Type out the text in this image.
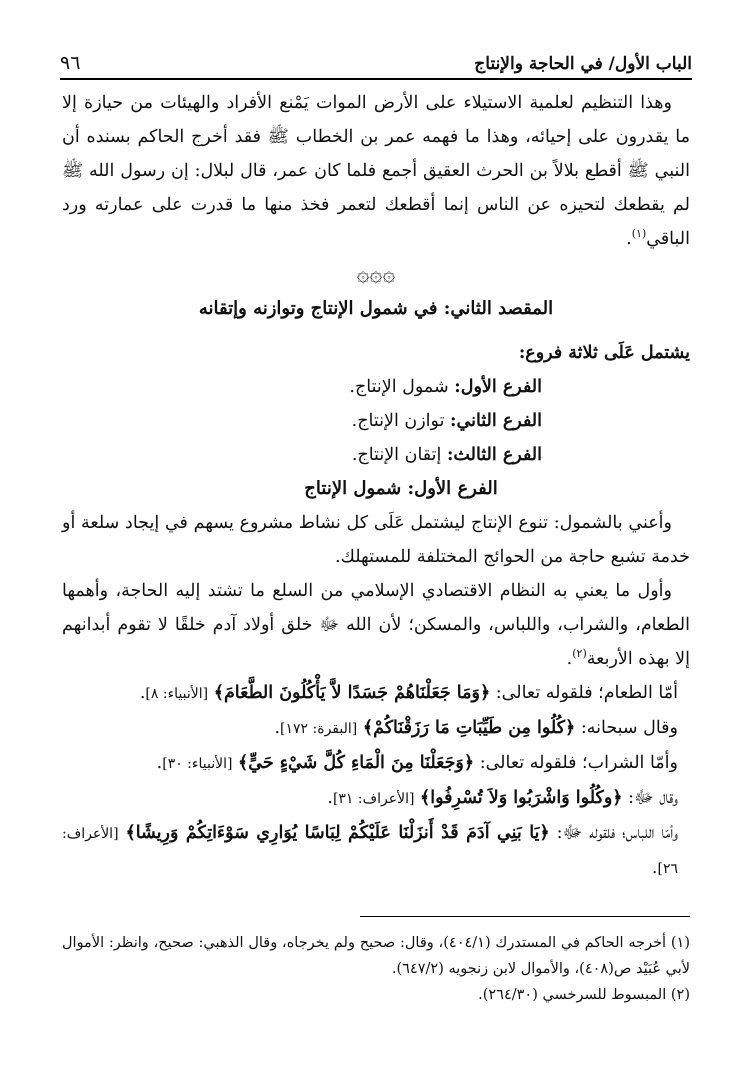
الباب الأول/ في الحاجة والإنتاج
٩٦

وهذا التنظيم لعلمية الاستيلاء على الأرض الموات يَمْنع الأفراد والهيئات من حيازة إلا ما يقدرون على إحيائه، وهذا ما فهمه عمر بن الخطاب ﷺ فقد أخرج الحاكم بسنده أن النبي ﷺ أقطع بلالاً بن الحرث العقيق أجمع فلما كان عمر، قال لبلال: إن رسول الله ﷺ لم يقطعك لتحيزه عن الناس إنما أقطعك لتعمر فخذ منها ما قدرت على عمارته ورد الباقي$^{(١)}$.

۞۞۞
المقصد الثاني: في شمول الإنتاج وتوازنه وإتقانه

يشتمل عَلَى ثلاثة فروع:

الفرع الأول: شمول الإنتاج.

الفرع الثاني: توازن الإنتاج.

الفرع الثالث: إتقان الإنتاج.

الفرع الأول: شمول الإنتاج

وأعني بالشمول: تنوع الإنتاج ليشتمل عَلَى كل نشاط مشروع يسهم في إيجاد سلعة أو خدمة تشبع حاجة من الحوائج المختلفة للمستهلك.

وأول ما يعني به النظام الاقتصادي الإسلامي من السلع ما تشتد إليه الحاجة، وأهمها الطعام، والشراب، واللباس، والمسكن؛ لأن الله ﷻ خلق أولاد آدم خلقًا لا تقوم أبدانهم إلا بهذه الأربعة$^{(٢)}$.

أمّا الطعام؛ فلقوله تعالى: ﴿وَمَا جَعَلْنَاهُمْ جَسَدًا لاَّ يَأْكُلُونَ الطَّعَامَ﴾ [الأنبياء: ٨].

وقال سبحانه: ﴿كُلُوا مِن طَيِّبَاتِ مَا رَزَقْنَاكُمْ﴾ [البقرة: ١٧٢].

وأمّا الشراب؛ فلقوله تعالى: ﴿وَجَعَلْنَا مِنَ الْمَاءِ كُلَّ شَيْءٍ حَيٍّ﴾ [الأنبياء: ٣٠].

وقال ﷻ: ﴿وكُلُوا وَاشْرَبُوا وَلاَ تُسْرِفُوا﴾ [الأعراف: ٣١].

وأمّا اللباس؛ فلقوله ﷻ: ﴿يَا بَنِي آدَمَ قَدْ أَنزَلْنَا عَلَيْكُمْ لِبَاسًا يُوَارِي سَوْءَاتِكُمْ وَرِيشًا﴾ [الأعراف: ٢٦].

(١) أخرجه الحاكم في المستدرك (٤٠٤/١)، وقال: صحيح ولم يخرجاه، وقال الذهبي: صحيح، وانظر: الأموال لأبي عُبَيْد ص(٤٠٨)، والأموال لابن زنجويه (٦٤٧/٢).

(٢) المبسوط للسرخسي (٢٦٤/٣٠).
